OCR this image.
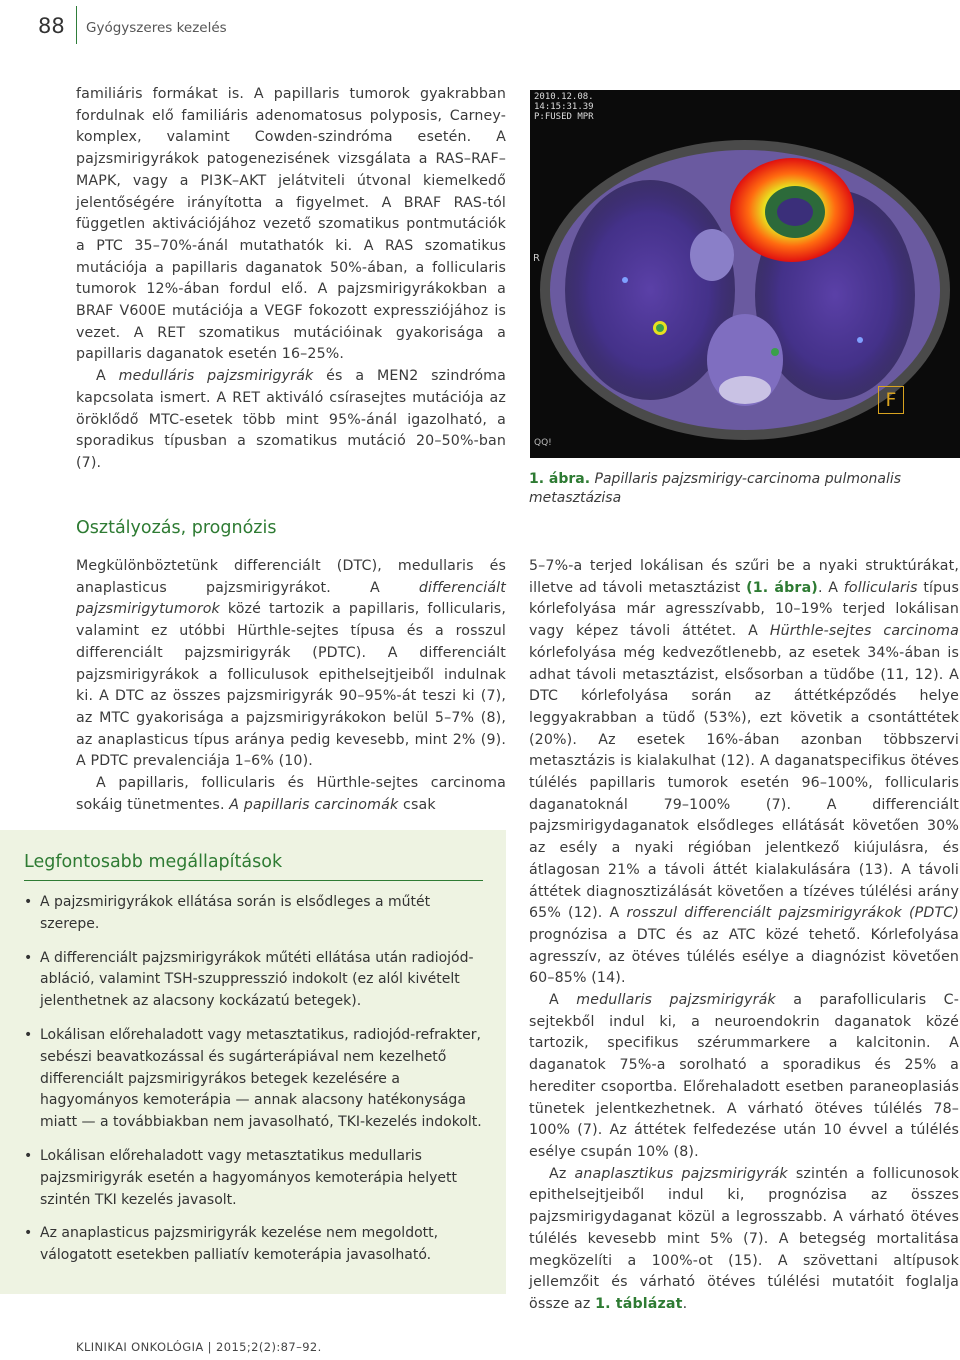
88 Gyógyszeres kezelés

familiáris formákat is. A papillaris tumorok gyakrabban fordulnak elő familiáris adenomatosus polyposis, Carney-komplex, valamint Cowden-szindróma esetén. A pajzsmirigyrákok patogenezisének vizsgálata a RAS–RAF–MAPK, vagy a PI3K–AKT jelátviteli útvonal kiemelkedő jelentőségére irányította a figyelmet. A BRAF RAS-tól független aktivációjához vezető szomatikus pontmutációk a PTC 35–70%-ánál mutathatók ki. A RAS szomatikus mutációja a papillaris daganatok 50%-ában, a follicularis tumorok 12%-ában fordul elő. A pajzsmirigyrákokban a BRAF V600E mutációja a VEGF fokozott expressziójához is vezet. A RET szomatikus mutációinak gyakorisága a papillaris daganatok esetén 16–25%.

A medulláris pajzsmirigyrák és a MEN2 szindróma kapcsolata ismert. A RET aktiváló csírasejtes mutációja az öröklődő MTC-esetek több mint 95%-ánál igazolható, a sporadikus típusban a szomatikus mutáció 20–50%-ban (7).

2010.12.08.
14:15:31.39
P:FUSED MPR
R
F
QQ!
1. ábra. Papillaris pajzsmirigy-carcinoma pulmonalis metasztázisa
Osztályozás, prognózis

Megkülönböztetünk differenciált (DTC), medullaris és anaplasticus pajzsmirigyrákot. A differenciált pajzsmirigytumorok közé tartozik a papillaris, follicularis, valamint ez utóbbi Hürthle-sejtes típusa és a rosszul differenciált pajzsmirigyrák (PDTC). A differenciált pajzsmirigyrákok a folliculusok epithelsejtjeiből indulnak ki. A DTC az összes pajzsmirigyrák 90–95%-át teszi ki (7), az MTC gyakorisága a pajzsmirigyrákokon belül 5–7% (8), az anaplasticus típus aránya pedig kevesebb, mint 2% (9). A PDTC prevalenciája 1–6% (10).

A papillaris, follicularis és Hürthle-sejtes carcinoma sokáig tünetmentes. A papillaris carcinomák csak

5–7%-a terjed lokálisan és szűri be a nyaki struktúrákat, illetve ad távoli metasztázist (1. ábra). A follicularis típus kórlefolyása már agresszívabb, 10–19% terjed lokálisan vagy képez távoli áttétet. A Hürthle-sejtes carcinoma kórlefolyása még kedvezőtlenebb, az esetek 34%-ában is adhat távoli metasztázist, elsősorban a tüdőbe (11, 12). A DTC kórlefolyása során az áttétképződés helye leggyakrabban a tüdő (53%), ezt követik a csontáttétek (20%). Az esetek 16%-ában azonban többszervi metasztázis is kialakulhat (12). A daganatspecifikus ötéves túlélés papillaris tumorok esetén 96–100%, follicularis daganatoknál 79–100% (7). A differenciált pajzsmirigydaganatok elsődleges ellátását követően 30% az esély a nyaki régióban jelentkező kiújulásra, és átlagosan 21% a távoli áttét kialakulására (13). A távoli áttétek diagnosztizálását követően a tízéves túlélési arány 65% (12). A rosszul differenciált pajzsmirigyrákok (PDTC) prognózisa a DTC és az ATC közé tehető. Kórlefolyása agresszív, az ötéves túlélés esélye a diagnózist követően 60–85% (14).

A medullaris pajzsmirigyrák a parafollicularis C-sejtekből indul ki, a neuroendokrin daganatok közé tartozik, specifikus szérummarkere a kalcitonin. A daganatok 75%-a sorolható a sporadikus és 25% a herediter csoportba. Előrehaladott esetben paraneoplasiás tünetek jelentkezhetnek. A várható ötéves túlélés 78–100% (7). Az áttétek felfedezése után 10 évvel a túlélés esélye csupán 10% (8).

Az anaplasztikus pajzsmirigyrák szintén a follicunosok epithelsejtjeiből indul ki, prognózisa az összes pajzsmirigydaganat közül a legrosszabb. A várható ötéves túlélés kevesebb mint 5% (7). A betegség mortalitása megközelíti a 100%-ot (15). A szövettani altípusok jellemzőit és várható ötéves túlélési mutatóit foglalja össze az 1. táblázat.

Legfontosabb megállapítások
• A pajzsmirigyrákok ellátása során is elsődleges a műtét szerepe.
• A differenciált pajzsmirigyrákok műtéti ellátása után radiojód-abláció, valamint TSH-szuppresszió indokolt (ez alól kivételt jelenthetnek az alacsony kockázatú betegek).
• Lokálisan előrehaladott vagy metasztatikus, radiojód-refrakter, sebészi beavatkozással és sugárterápiával nem kezelhető differenciált pajzsmirigyrákos betegek kezelésére a hagyományos kemoterápia — annak alacsony hatékonysága miatt — a továbbiakban nem javasolható, TKI-kezelés indokolt.
• Lokálisan előrehaladott vagy metasztatikus medullaris pajzsmirigyrák esetén a hagyományos kemoterápia helyett szintén TKI kezelés javasolt.
• Az anaplasticus pajzsmirigyrák kezelése nem megoldott, válogatott esetekben palliatív kemoterápia javasolható.
KLINIKAI ONKOLÓGIA | 2015;2(2):87–92.
